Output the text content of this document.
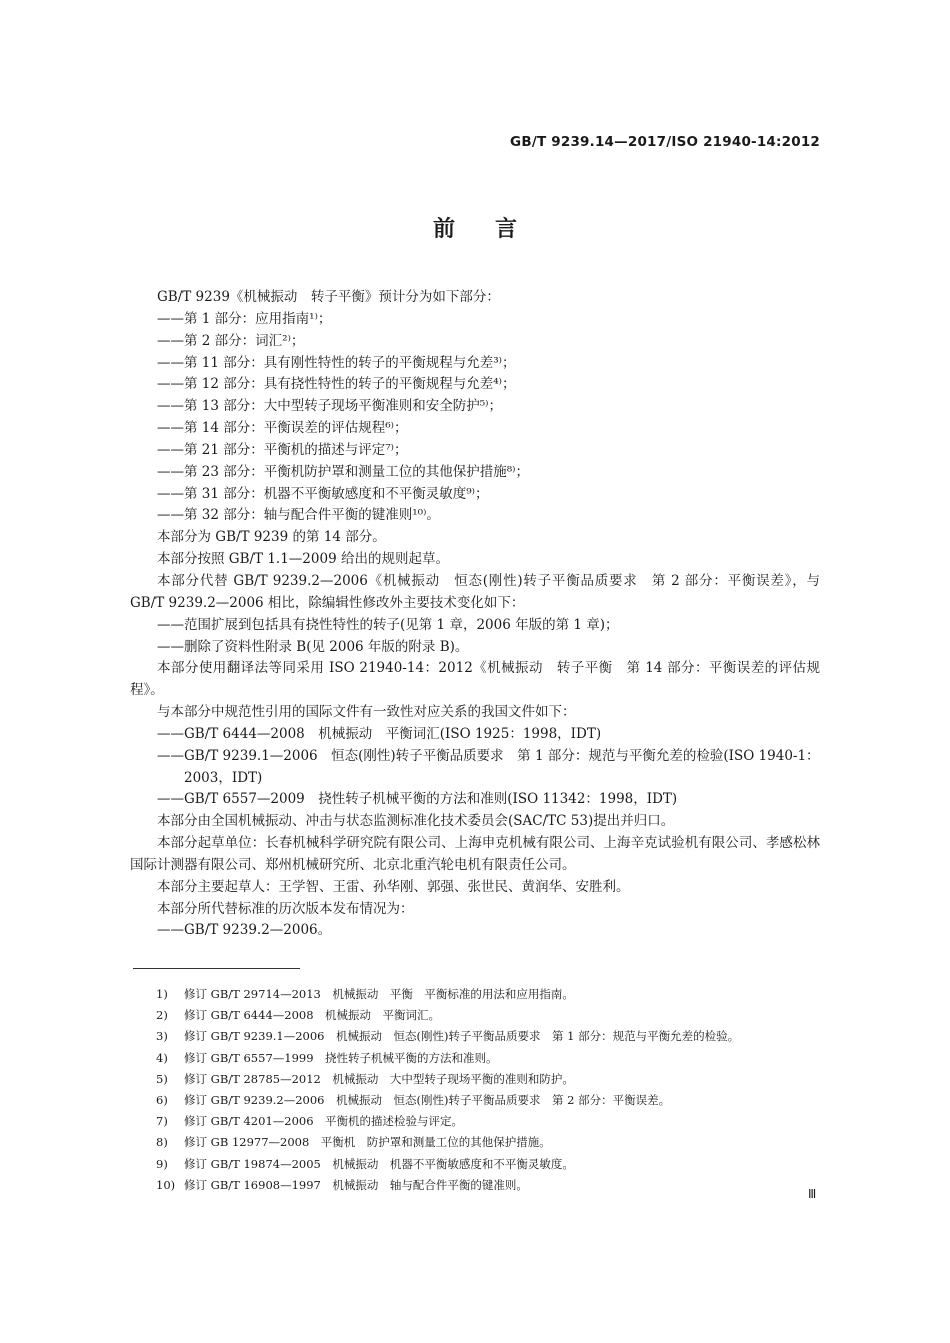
GB/T 9239.14—2017/ISO 21940-14:2012
前言
GB/T 9239《机械振动　转子平衡》预计分为如下部分：
——第 1 部分：应用指南¹⁾；
——第 2 部分：词汇²⁾；
——第 11 部分：具有刚性特性的转子的平衡规程与允差³⁾；
——第 12 部分：具有挠性特性的转子的平衡规程与允差⁴⁾；
——第 13 部分：大中型转子现场平衡准则和安全防护⁵⁾；
——第 14 部分：平衡误差的评估规程⁶⁾；
——第 21 部分：平衡机的描述与评定⁷⁾；
——第 23 部分：平衡机防护罩和测量工位的其他保护措施⁸⁾；
——第 31 部分：机器不平衡敏感度和不平衡灵敏度⁹⁾；
——第 32 部分：轴与配合件平衡的键准则¹⁰⁾。
本部分为 GB/T 9239 的第 14 部分。
本部分按照 GB/T 1.1—2009 给出的规则起草。
本部分代替 GB/T 9239.2—2006《机械振动　恒态(刚性)转子平衡品质要求　第 2 部分：平衡误差》，与 GB/T 9239.2—2006 相比，除编辑性修改外主要技术变化如下：
——范围扩展到包括具有挠性特性的转子(见第 1 章，2006 年版的第 1 章)；
——删除了资料性附录 B(见 2006 年版的附录 B)。
本部分使用翻译法等同采用 ISO 21940-14：2012《机械振动　转子平衡　第 14 部分：平衡误差的评估规程》。
与本部分中规范性引用的国际文件有一致性对应关系的我国文件如下：
——GB/T 6444—2008　机械振动　平衡词汇(ISO 1925：1998，IDT)
——GB/T 9239.1—2006　恒态(刚性)转子平衡品质要求　第 1 部分：规范与平衡允差的检验(ISO 1940-1：2003，IDT)
——GB/T 6557—2009　挠性转子机械平衡的方法和准则(ISO 11342：1998，IDT)
本部分由全国机械振动、冲击与状态监测标准化技术委员会(SAC/TC 53)提出并归口。
本部分起草单位：长春机械科学研究院有限公司、上海申克机械有限公司、上海辛克试验机有限公司、孝感松林国际计测器有限公司、郑州机械研究所、北京北重汽轮电机有限责任公司。
本部分主要起草人：王学智、王雷、孙华刚、郭强、张世民、黄润华、安胜利。
本部分所代替标准的历次版本发布情况为：
——GB/T 9239.2—2006。
1) 修订 GB/T 29714—2013　机械振动　平衡　平衡标准的用法和应用指南。
2) 修订 GB/T 6444—2008　机械振动　平衡词汇。
3) 修订 GB/T 9239.1—2006　机械振动　恒态(刚性)转子平衡品质要求　第 1 部分：规范与平衡允差的检验。
4) 修订 GB/T 6557—1999　挠性转子机械平衡的方法和准则。
5) 修订 GB/T 28785—2012　机械振动　大中型转子现场平衡的准则和防护。
6) 修订 GB/T 9239.2—2006　机械振动　恒态(刚性)转子平衡品质要求　第 2 部分：平衡误差。
7) 修订 GB/T 4201—2006　平衡机的描述检验与评定。
8) 修订 GB 12977—2008　平衡机　防护罩和测量工位的其他保护措施。
9) 修订 GB/T 19874—2005　机械振动　机器不平衡敏感度和不平衡灵敏度。
10) 修订 GB/T 16908—1997　机械振动　轴与配合件平衡的键准则。
Ⅲ
